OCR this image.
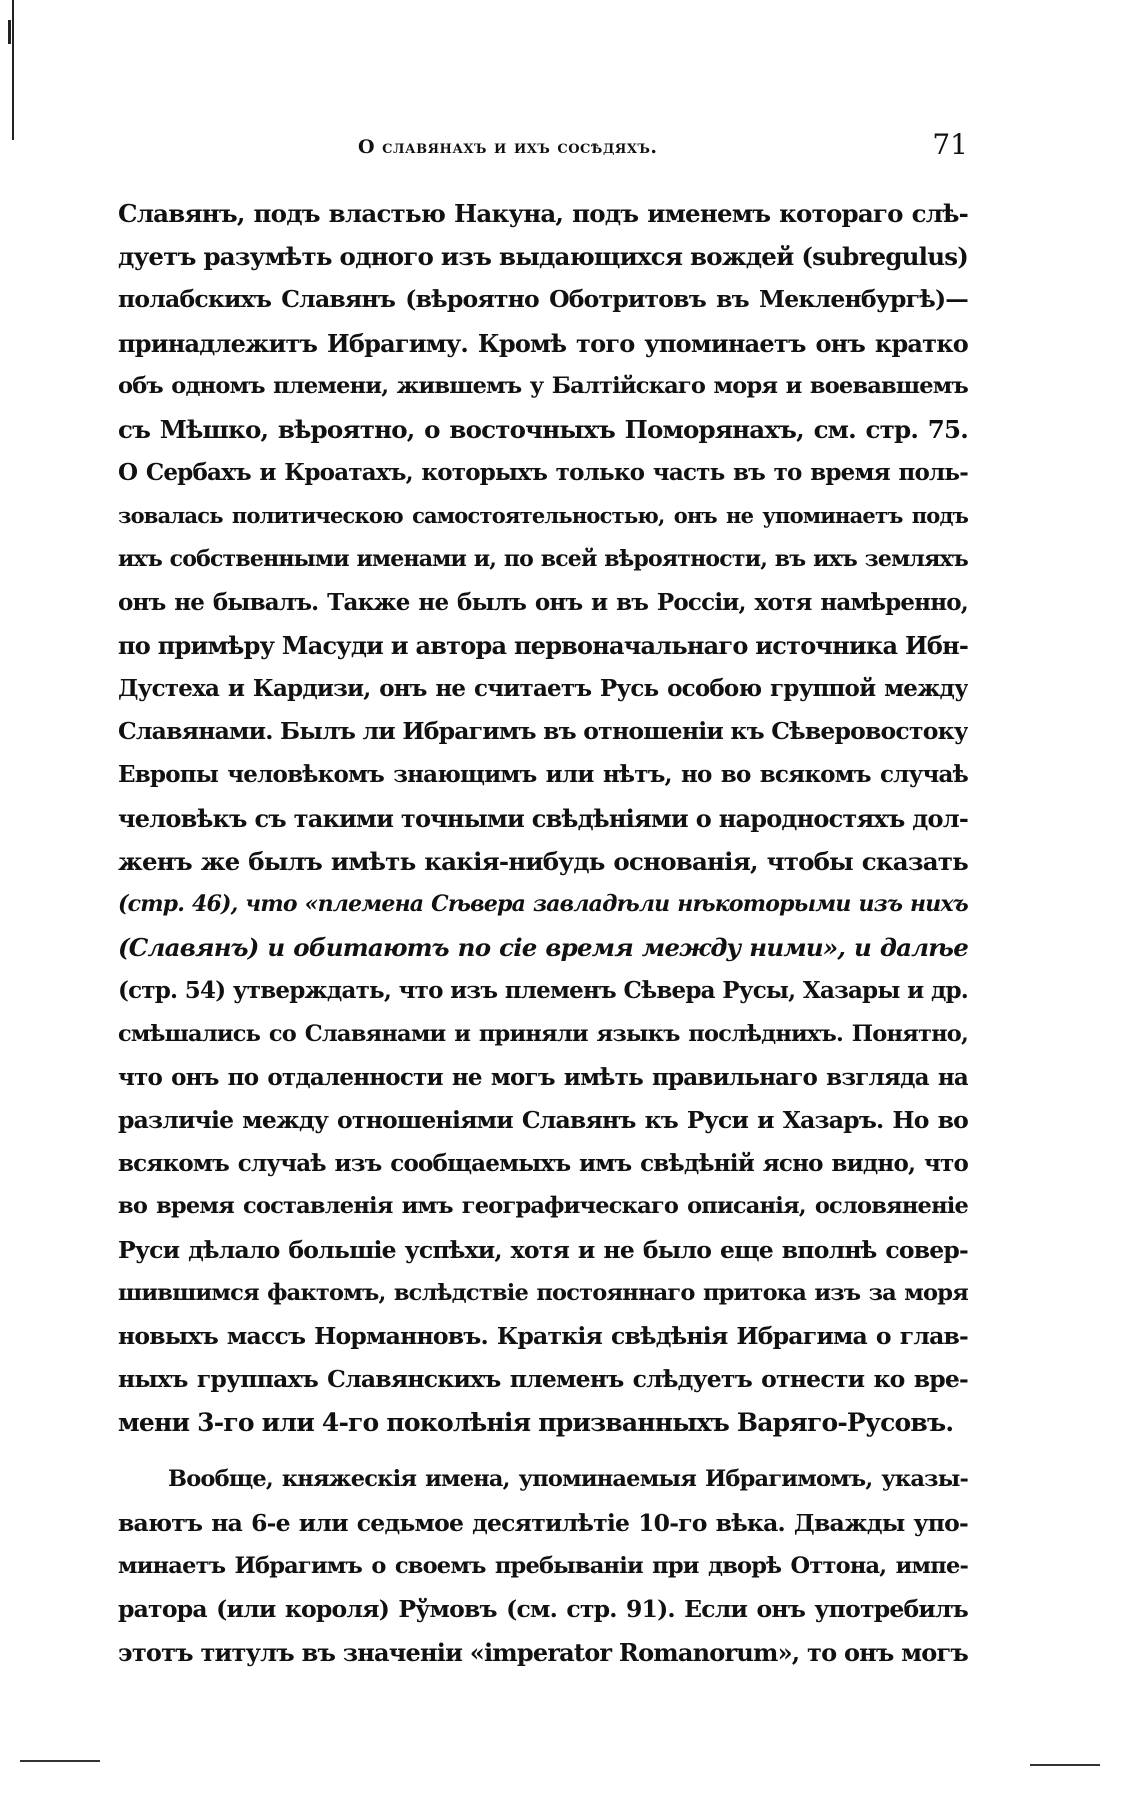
О славянахъ и ихъ сосѣдяхъ.	71
Славянъ, подъ властью Накуна, подъ именемъ которагo слѣ-
дуетъ разумѣть одного изъ выдающихся вождей (subregulus)
полабскихъ Славянъ (вѣроятно Оботритовъ въ Мекленбургѣ)—
принадлежитъ Ибрагиму. Кромѣ того упоминаетъ онъ кратко
объ одномъ племени, жившемъ у Балтійскаго моря и воевавшемъ
съ Мѣшко, вѣроятно, о восточныхъ Поморянахъ, см. стр. 75.
О Сербахъ и Кроатахъ, которыхъ только часть въ то время поль-
зовалась политическою самостоятельностью, онъ не упоминаетъ подъ
ихъ собственными именами и, по всей вѣроятности, въ ихъ земляхъ
онъ не бывалъ. Также не былъ онъ и въ Россіи, хотя намѣренно,
по примѣру Масуди и автора первоначальнаго источника Ибн-
Дустеха и Кардизи, онъ не считаетъ Русь особою группой между
Славянами. Былъ ли Ибрагимъ въ отношеніи къ Сѣверовостоку
Европы человѣкомъ знающимъ или нѣтъ, но во всякомъ случаѣ
человѣкъ съ такими точными свѣдѣніями о народностяхъ дол-
женъ же былъ имѣть какія-нибудь основанія, чтобы сказать
(стр. 46), что «племена Сѣвера завладѣли нѣкоторыми изъ нихъ
(Славянъ) и обитаютъ по сіе время между ними», и далѣе
(стр. 54) утверждать, что изъ племенъ Сѣвера Русы, Хазары и др.
смѣшались со Славянами и приняли языкъ послѣднихъ. Понятно,
что онъ по отдаленности не могъ имѣть правильнаго взгляда на
различіе между отношеніями Славянъ къ Руси и Хазаръ. Но во
всякомъ случаѣ изъ сообщаемыхъ имъ свѣдѣній ясно видно, что
во время составленія имъ географическаго описанія, ословяненіе
Руси дѣлало большіе успѣхи, хотя и не было еще вполнѣ совер-
шившимся фактомъ, вслѣдствіе постояннаго притока изъ за моря
новыхъ массъ Норманновъ. Краткія свѣдѣнія Ибрагима о глав-
ныхъ группахъ Славянскихъ племенъ слѣдуетъ отнести ко вре-
мени 3-го или 4-го поколѣнія призванныхъ Варяго-Русовъ.
Вообще, княжескія имена, упоминаемыя Ибрагимомъ, указы-
ваютъ на 6-е или седьмое десятилѣтіе 10-го вѣка. Дважды упо-
минаетъ Ибрагимъ о своемъ пребываніи при дворѣ Оттона, импе-
ратора (или короля) Рўмовъ (см. стр. 91). Если онъ употребилъ
этотъ титулъ въ значеніи «imperator Romanorum», то онъ могъ
